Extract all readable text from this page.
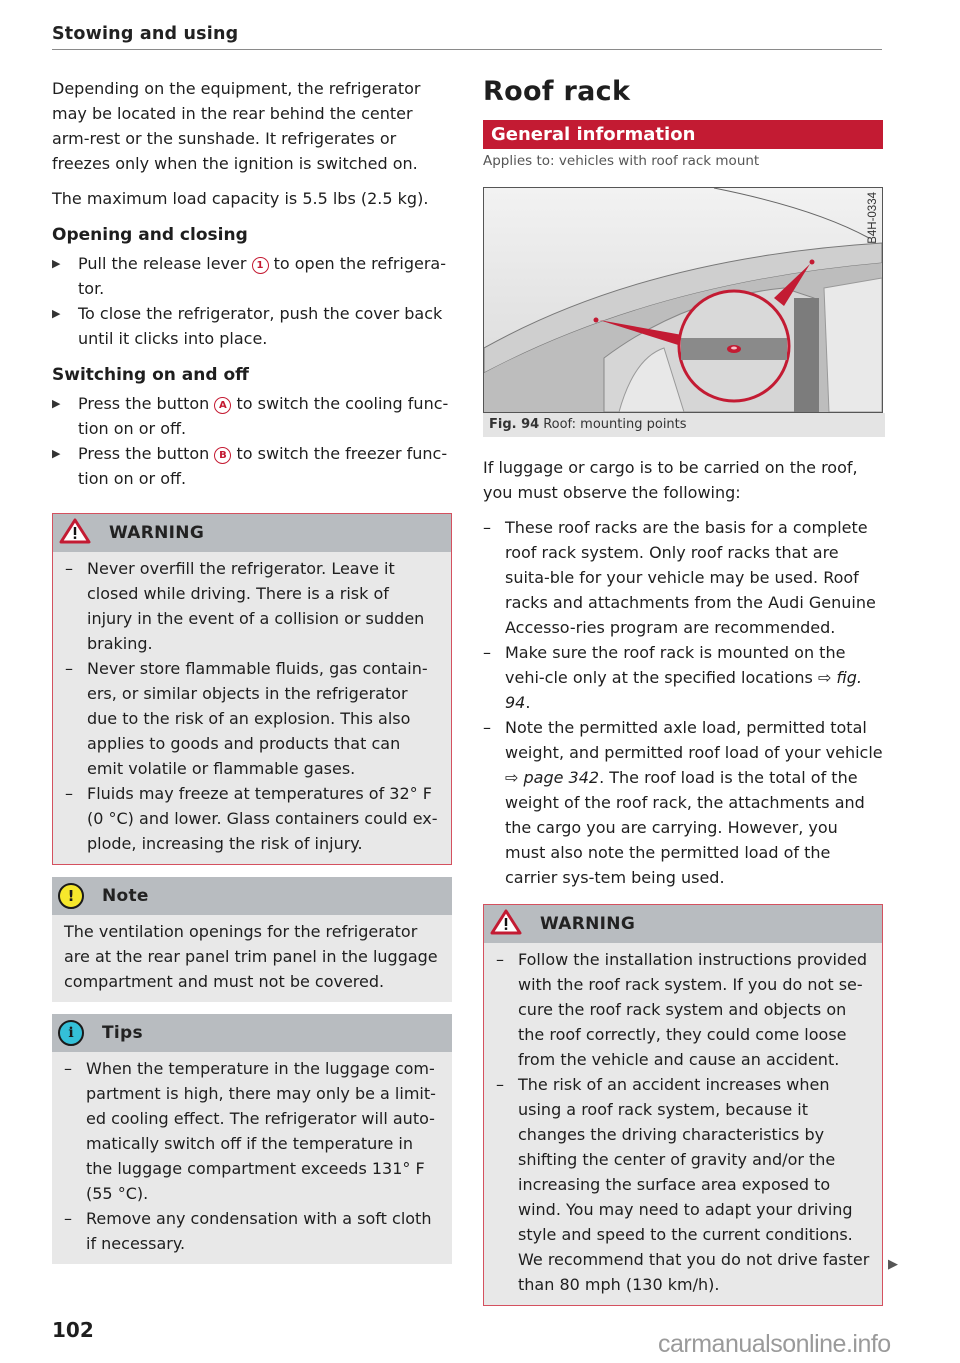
Stowing and using

Depending on the equipment, the refrigerator may be located in the rear behind the center arm-rest or the sunshade. It refrigerates or freezes only when the ignition is switched on.

The maximum load capacity is 5.5 lbs (2.5 kg).

Opening and closing
▶ Pull the release lever 1 to open the refrigera-tor.
▶ To close the refrigerator, push the cover back until it clicks into place.
Switching on and off
▶ Press the button A to switch the cooling func-tion on or off.
▶ Press the button B to switch the freezer func-tion on or off.
WARNING
– Never overfill the refrigerator. Leave it closed while driving. There is a risk of injury in the event of a collision or sudden braking.
– Never store flammable fluids, gas contain-ers, or similar objects in the refrigerator due to the risk of an explosion. This also applies to goods and products that can emit volatile or flammable gases.
– Fluids may freeze at temperatures of 32° F (0 °C) and lower. Glass containers could ex-plode, increasing the risk of injury.
!	Note

The ventilation openings for the refrigerator are at the rear panel trim panel in the luggage compartment and must not be covered.

i	Tips
– When the temperature in the luggage com-partment is high, there may only be a limit-ed cooling effect. The refrigerator will auto-matically switch off if the temperature in the luggage compartment exceeds 131° F (55 °C).
– Remove any condensation with a soft cloth if necessary.
Roof rack
General information
Applies to: vehicles with roof rack mount
B4H-0334
Fig. 94 Roof: mounting points

If luggage or cargo is to be carried on the roof, you must observe the following:

– These roof racks are the basis for a complete roof rack system. Only roof racks that are suita-ble for your vehicle may be used. Roof racks and attachments from the Audi Genuine Accesso-ries program are recommended.
– Make sure the roof rack is mounted on the vehi-cle only at the specified locations ⇨ fig. 94.
– Note the permitted axle load, permitted total weight, and permitted roof load of your vehicle ⇨ page 342. The roof load is the total of the weight of the roof rack, the attachments and the cargo you are carrying. However, you must also note the permitted load of the carrier sys-tem being used.
WARNING
– Follow the installation instructions provided with the roof rack system. If you do not se-cure the roof rack system and objects on the roof correctly, they could come loose from the vehicle and cause an accident.
– The risk of an accident increases when using a roof rack system, because it changes the driving characteristics by shifting the center of gravity and/or the increasing the surface area exposed to wind. You may need to adapt your driving style and speed to the current conditions. We recommend that you do not drive faster than 80 mph (130 km/h).
▶
102	carmanualsonline.info
